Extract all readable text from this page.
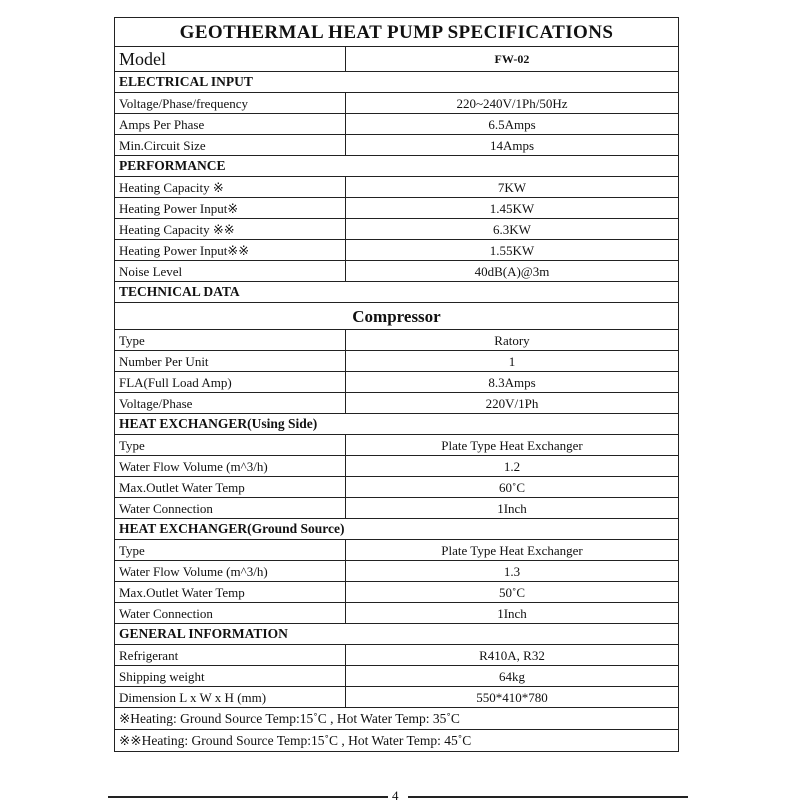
GEOTHERMAL HEAT PUMP SPECIFICATIONS	
Model	FW-02
ELECTRICAL INPUT	
Voltage/Phase/frequency	220~240V/1Ph/50Hz
Amps Per Phase	6.5Amps
Min.Circuit Size	14Amps
PERFORMANCE	
Heating Capacity ※	7KW
Heating Power Input※	1.45KW
Heating Capacity ※※	6.3KW
Heating Power Input※※	1.55KW
Noise Level	40dB(A)@3m
TECHNICAL DATA	
Compressor	
Type	Ratory
Number Per Unit	1
FLA(Full Load Amp)	8.3Amps
Voltage/Phase	220V/1Ph
HEAT EXCHANGER(Using Side)	
Type	Plate Type Heat Exchanger
Water Flow Volume (m^3/h)	1.2
Max.Outlet Water Temp	60˚C
Water Connection	1Inch
HEAT EXCHANGER(Ground Source)	
Type	Plate Type Heat Exchanger
Water Flow Volume (m^3/h)	1.3
Max.Outlet Water Temp	50˚C
Water Connection	1Inch
GENERAL INFORMATION	
Refrigerant	R410A, R32
Shipping weight	64kg
Dimension L x W x H (mm)	550*410*780
※Heating: Ground Source Temp:15˚C , Hot Water Temp: 35˚C	
※※Heating: Ground Source Temp:15˚C , Hot Water Temp: 45˚C	
4
